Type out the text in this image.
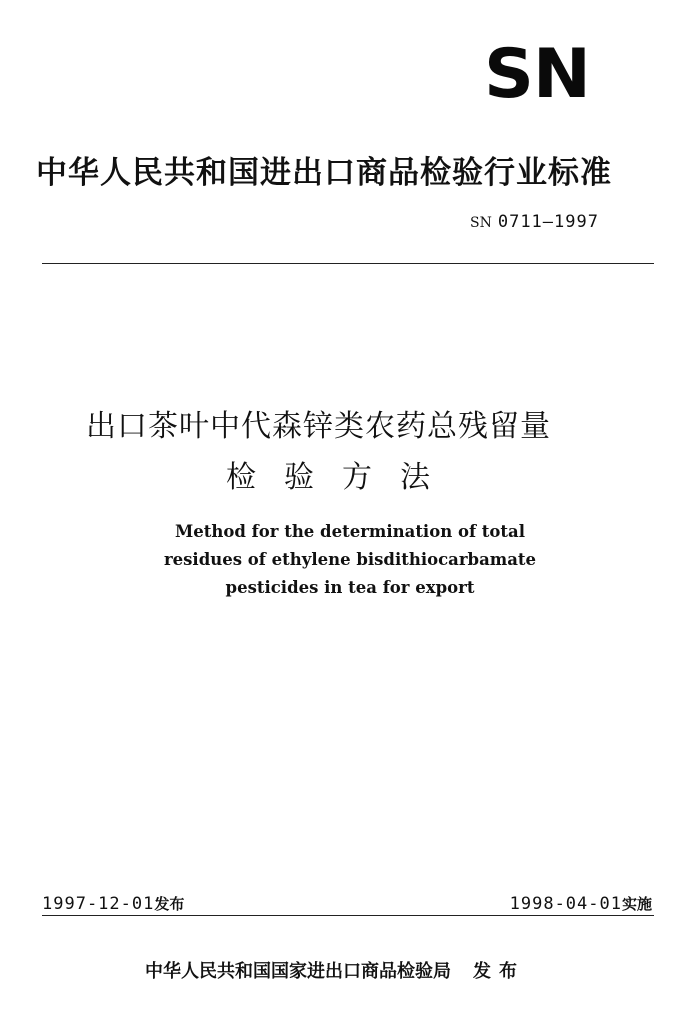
SN
中华人民共和国进出口商品检验行业标准
SN 0711—1997
出口茶叶中代森锌类农药总残留量
检验方法
Method for the determination of total
residues of ethylene bisdithiocarbamate
pesticides in tea for export
1997-12-01发布	1998-04-01实施
中华人民共和国国家进出口商品检验局 发布
